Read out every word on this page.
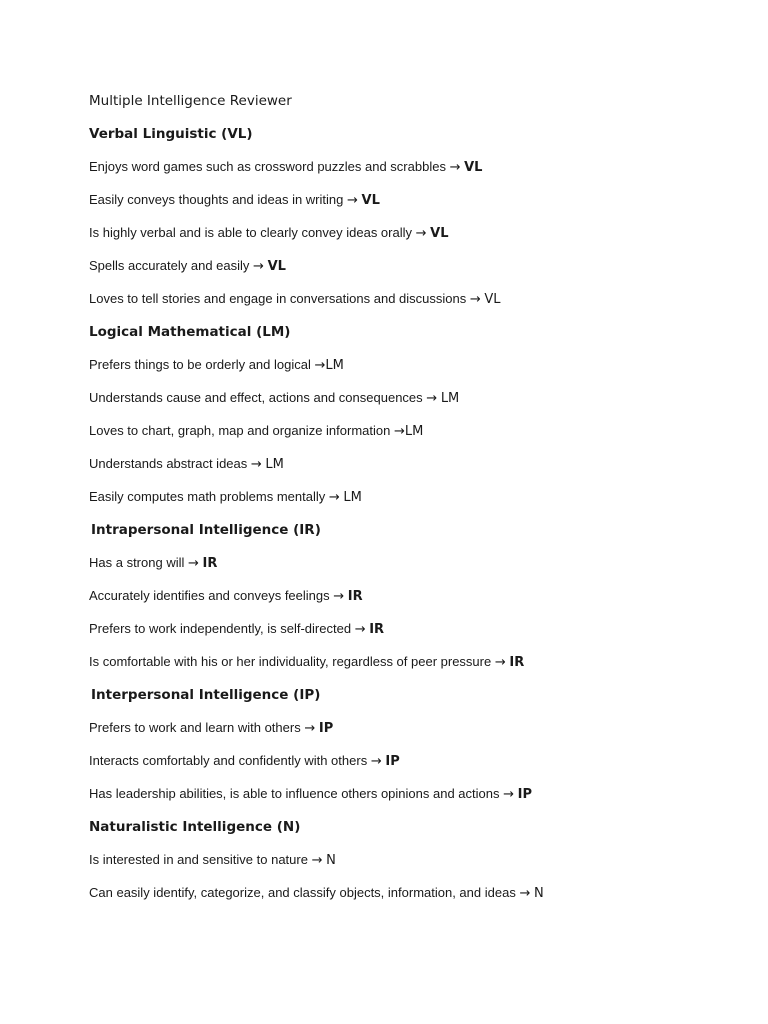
Multiple Intelligence Reviewer
Verbal Linguistic (VL)
Enjoys word games such as crossword puzzles and scrabbles → VL
Easily conveys thoughts and ideas in writing → VL
Is highly verbal and is able to clearly convey ideas orally → VL
Spells accurately and easily → VL
Loves to tell stories and engage in conversations and discussions → VL
Logical Mathematical (LM)
Prefers things to be orderly and logical →LM
Understands cause and effect, actions and consequences → LM
Loves to chart, graph, map and organize information →LM
Understands abstract ideas → LM
Easily computes math problems mentally → LM
Intrapersonal Intelligence (IR)
Has a strong will → IR
Accurately identifies and conveys feelings → IR
Prefers to work independently, is self-directed → IR
Is comfortable with his or her individuality, regardless of peer pressure → IR
Interpersonal Intelligence (IP)
Prefers to work and learn with others → IP
Interacts comfortably and confidently with others → IP
Has leadership abilities, is able to influence others opinions and actions → IP
Naturalistic Intelligence (N)
Is interested in and sensitive to nature → N
Can easily identify, categorize, and classify objects, information, and ideas → N
